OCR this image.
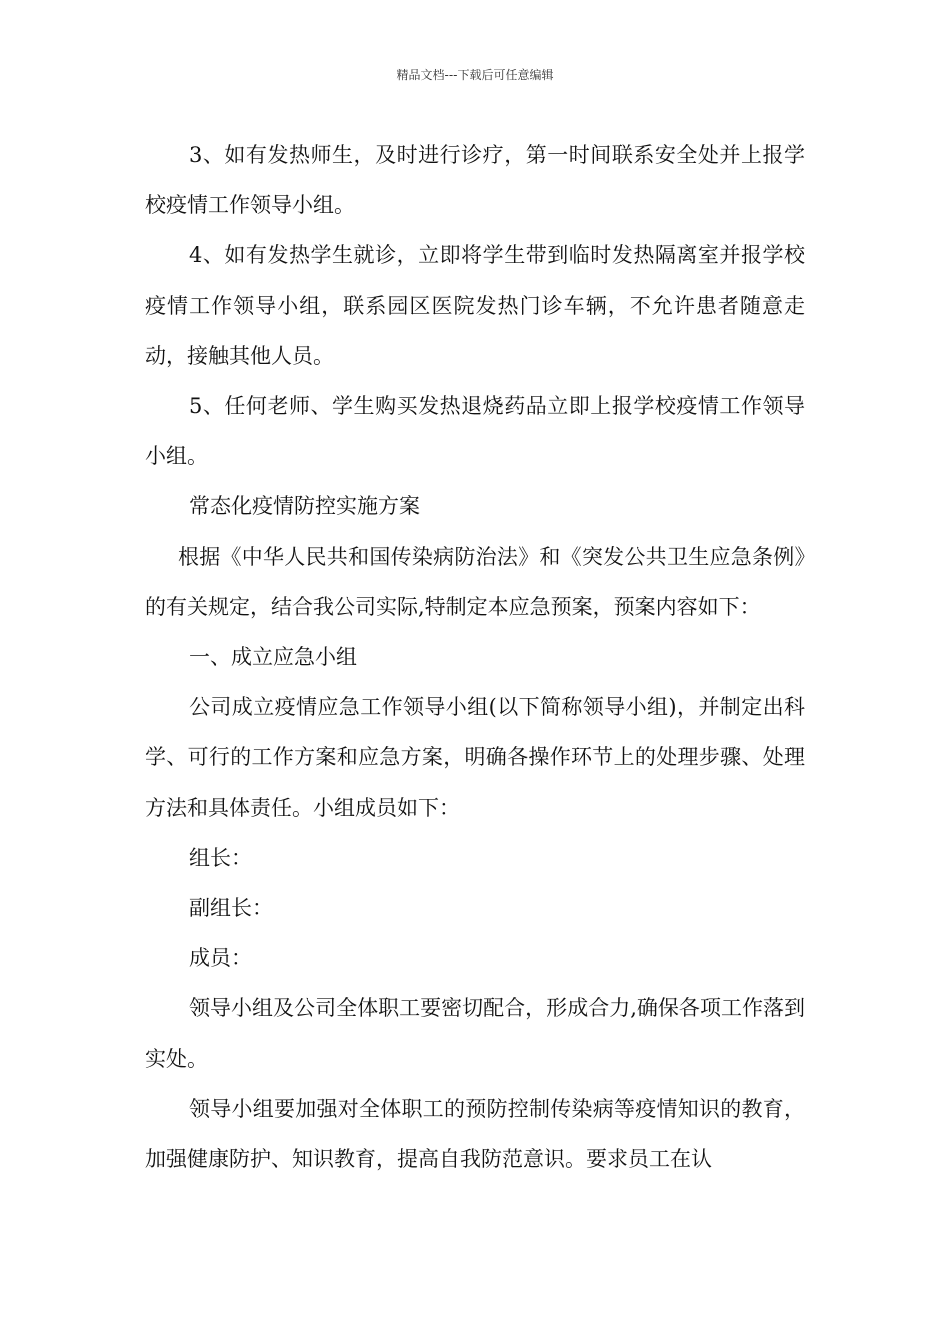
精品文档---下载后可任意编辑

3、如有发热师生，及时进行诊疗，第一时间联系安全处并上报学校疫情工作领导小组。

4、如有发热学生就诊，立即将学生带到临时发热隔离室并报学校疫情工作领导小组，联系园区医院发热门诊车辆，不允许患者随意走动，接触其他人员。

5、任何老师、学生购买发热退烧药品立即上报学校疫情工作领导小组。

常态化疫情防控实施方案

根据《中华人民共和国传染病防治法》和《突发公共卫生应急条例》的有关规定，结合我公司实际,特制定本应急预案，预案内容如下：

一、成立应急小组

公司成立疫情应急工作领导小组(以下简称领导小组)，并制定出科学、可行的工作方案和应急方案，明确各操作环节上的处理步骤、处理方法和具体责任。小组成员如下：

组长：

副组长：

成员：

领导小组及公司全体职工要密切配合，形成合力,确保各项工作落到实处。

领导小组要加强对全体职工的预防控制传染病等疫情知识的教育，加强健康防护、知识教育，提高自我防范意识。要求员工在认
